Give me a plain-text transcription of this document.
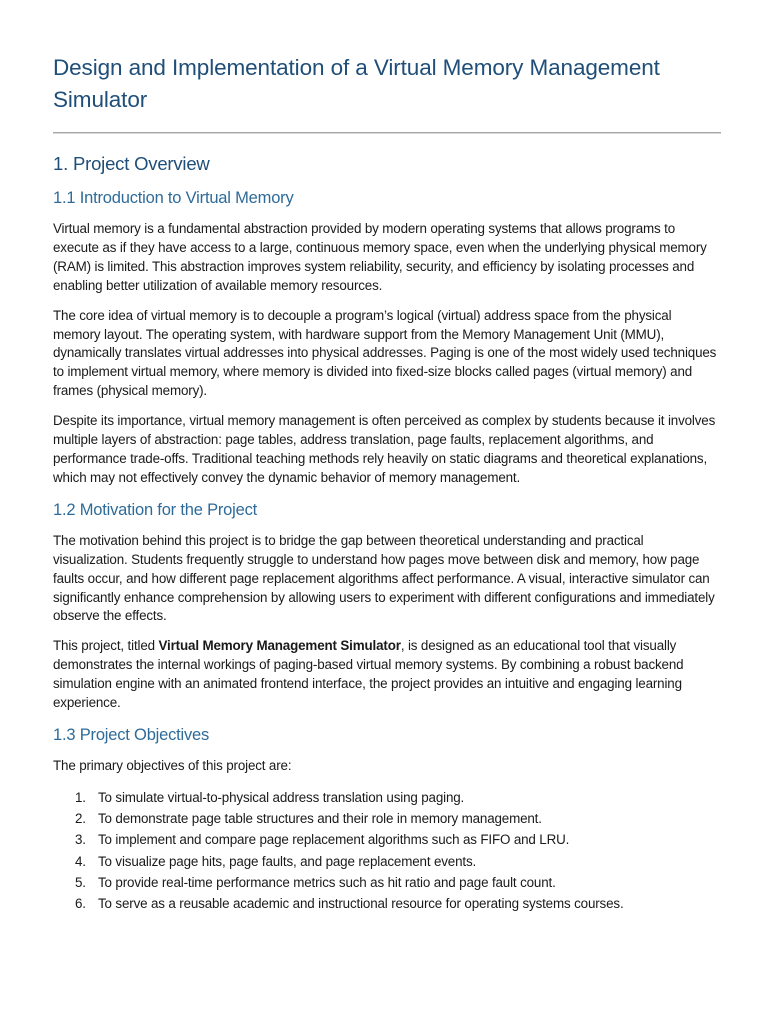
Design and Implementation of a Virtual Memory Management Simulator
1. Project Overview
1.1 Introduction to Virtual Memory

Virtual memory is a fundamental abstraction provided by modern operating systems that allows programs to execute as if they have access to a large, continuous memory space, even when the underlying physical memory (RAM) is limited. This abstraction improves system reliability, security, and efficiency by isolating processes and enabling better utilization of available memory resources.

The core idea of virtual memory is to decouple a program’s logical (virtual) address space from the physical memory layout. The operating system, with hardware support from the Memory Management Unit (MMU), dynamically translates virtual addresses into physical addresses. Paging is one of the most widely used techniques to implement virtual memory, where memory is divided into fixed-size blocks called pages (virtual memory) and frames (physical memory).

Despite its importance, virtual memory management is often perceived as complex by students because it involves multiple layers of abstraction: page tables, address translation, page faults, replacement algorithms, and performance trade-offs. Traditional teaching methods rely heavily on static diagrams and theoretical explanations, which may not effectively convey the dynamic behavior of memory management.

1.2 Motivation for the Project

The motivation behind this project is to bridge the gap between theoretical understanding and practical visualization. Students frequently struggle to understand how pages move between disk and memory, how page faults occur, and how different page replacement algorithms affect performance. A visual, interactive simulator can significantly enhance comprehension by allowing users to experiment with different configurations and immediately observe the effects.

This project, titled Virtual Memory Management Simulator, is designed as an educational tool that visually demonstrates the internal workings of paging-based virtual memory systems. By combining a robust backend simulation engine with an animated frontend interface, the project provides an intuitive and engaging learning experience.

1.3 Project Objectives

The primary objectives of this project are:

1. To simulate virtual-to-physical address translation using paging.
2. To demonstrate page table structures and their role in memory management.
3. To implement and compare page replacement algorithms such as FIFO and LRU.
4. To visualize page hits, page faults, and page replacement events.
5. To provide real-time performance metrics such as hit ratio and page fault count.
6. To serve as a reusable academic and instructional resource for operating systems courses.
